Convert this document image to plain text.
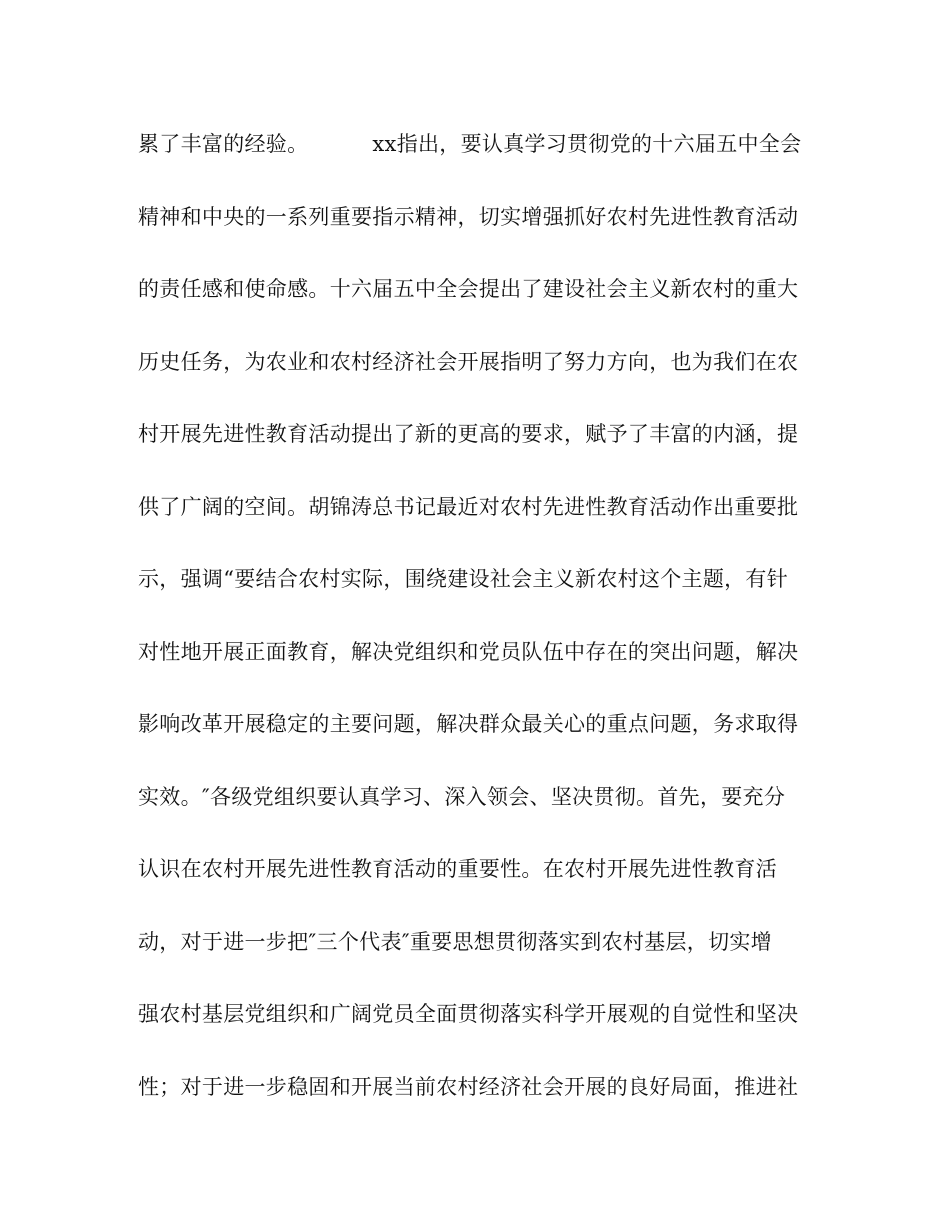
累了丰富的经验。	xx指出，要认真学习贯彻党的十六届五中全会
精神和中央的一系列重要指示精神，切实增强抓好农村先进性教育活动
的责任感和使命感。十六届五中全会提出了建设社会主义新农村的重大
历史任务，为农业和农村经济社会开展指明了努力方向，也为我们在农
村开展先进性教育活动提出了新的更高的要求，赋予了丰富的内涵，提
供了广阔的空间。胡锦涛总书记最近对农村先进性教育活动作出重要批
示，强调“要结合农村实际，围绕建设社会主义新农村这个主题，有针
对性地开展正面教育，解决党组织和党员队伍中存在的突出问题，解决
影响改革开展稳定的主要问题，解决群众最关心的重点问题，务求取得
实效。″各级党组织要认真学习、深入领会、坚决贯彻。首先，要充分
认识在农村开展先进性教育活动的重要性。在农村开展先进性教育活
动，对于进一步把″三个代表″重要思想贯彻落实到农村基层，切实增
强农村基层党组织和广阔党员全面贯彻落实科学开展观的自觉性和坚决
性；对于进一步稳固和开展当前农村经济社会开展的良好局面，推进社
